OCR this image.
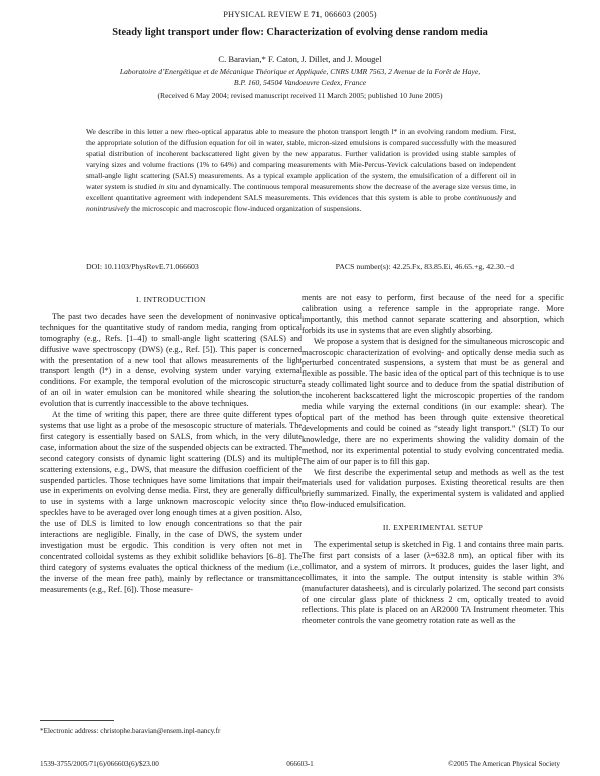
PHYSICAL REVIEW E 71, 066603 (2005)
Steady light transport under flow: Characterization of evolving dense random media
C. Baravian,* F. Caton, J. Dillet, and J. Mougel
Laboratoire d’Energétique et de Mécanique Théorique et Appliquée, CNRS UMR 7563, 2 Avenue de la Forêt de Haye,
B.P. 160, 54504 Vandoeuvre Cedex, France
(Received 6 May 2004; revised manuscript received 11 March 2005; published 10 June 2005)
We describe in this letter a new rheo-optical apparatus able to measure the photon transport length l* in an evolving random medium. First, the appropriate solution of the diffusion equation for oil in water, stable, micron-sized emulsions is compared successfully with the measured spatial distribution of incoherent backscattered light given by the new apparatus. Further validation is provided using stable samples of varying sizes and volume fractions (1% to 64%) and comparing measurements with Mie-Percus-Yevick calculations based on independent small-angle light scattering (SALS) measurements. As a typical example application of the system, the emulsification of a different oil in water system is studied in situ and dynamically. The continuous temporal measurements show the decrease of the average size versus time, in excellent quantitative agreement with independent SALS measurements. This evidences that this system is able to probe continuously and nonintrusively the microscopic and macroscopic flow-induced organization of suspensions.
DOI: 10.1103/PhysRevE.71.066603	PACS number(s): 42.25.Fx, 83.85.Ei, 46.65.+g, 42.30.−d
I. INTRODUCTION

The past two decades have seen the development of noninvasive optical techniques for the quantitative study of random media, ranging from optical tomography (e.g., Refs. [1–4]) to small-angle light scattering (SALS) and diffusive wave spectroscopy (DWS) (e.g., Ref. [5]). This paper is concerned with the presentation of a new tool that allows measurements of the light transport length (l*) in a dense, evolving system under varying external conditions. For example, the temporal evolution of the microscopic structure of an oil in water emulsion can be monitored while shearing the solution, evolution that is currently inaccessible to the above techniques.

At the time of writing this paper, there are three quite different types of systems that use light as a probe of the mesoscopic structure of materials. The first category is essentially based on SALS, from which, in the very dilute case, information about the size of the suspended objects can be extracted. The second category consists of dynamic light scattering (DLS) and its multiple scattering extensions, e.g., DWS, that measure the diffusion coefficient of the suspended particles. Those techniques have some limitations that impair their use in experiments on evolving dense media. First, they are generally difficult to use in systems with a large unknown macroscopic velocity since the speckles have to be averaged over long enough times at a given position. Also, the use of DLS is limited to low enough concentrations so that the pair interactions are negligible. Finally, in the case of DWS, the system under investigation must be ergodic. This condition is very often not met in concentrated colloidal systems as they exhibit solidlike behaviors [6–8]. The third category of systems evaluates the optical thickness of the medium (i.e., the inverse of the mean free path), mainly by reflectance or transmittance measurements (e.g., Ref. [6]). Those measure-

ments are not easy to perform, first because of the need for a specific calibration using a reference sample in the appropriate range. More importantly, this method cannot separate scattering and absorption, which forbids its use in systems that are even slightly absorbing.

We propose a system that is designed for the simultaneous microscopic and macroscopic characterization of evolving- and optically dense media such as perturbed concentrated suspensions, a system that must be as general and flexible as possible. The basic idea of the optical part of this technique is to use a steady collimated light source and to deduce from the spatial distribution of the incoherent backscattered light the microscopic properties of the random media while varying the external conditions (in our example: shear). The optical part of the method has been through quite extensive theoretical developments and could be coined as “steady light transport.” (SLT) To our knowledge, there are no experiments showing the validity domain of the method, nor its experimental potential to study evolving concentrated media. The aim of our paper is to fill this gap.

We first describe the experimental setup and methods as well as the test materials used for validation purposes. Existing theoretical results are then briefly summarized. Finally, the experimental system is validated and applied to flow-induced emulsification.

II. EXPERIMENTAL SETUP

The experimental setup is sketched in Fig. 1 and contains three main parts. The first part consists of a laser (λ=632.8 nm), an optical fiber with its collimator, and a system of mirrors. It produces, guides the laser light, and collimates, it into the sample. The output intensity is stable within 3% (manufacturer datasheets), and is circularly polarized. The second part consists of one circular glass plate of thickness 2 cm, optically treated to avoid reflections. This plate is placed on an AR2000 TA Instrument rheometer. This rheometer controls the vane geometry rotation rate as well as the

*Electronic address: christophe.baravian@ensem.inpl-nancy.fr
1539-3755/2005/71(6)/066603(6)/$23.00	066603-1	©2005 The American Physical Society
